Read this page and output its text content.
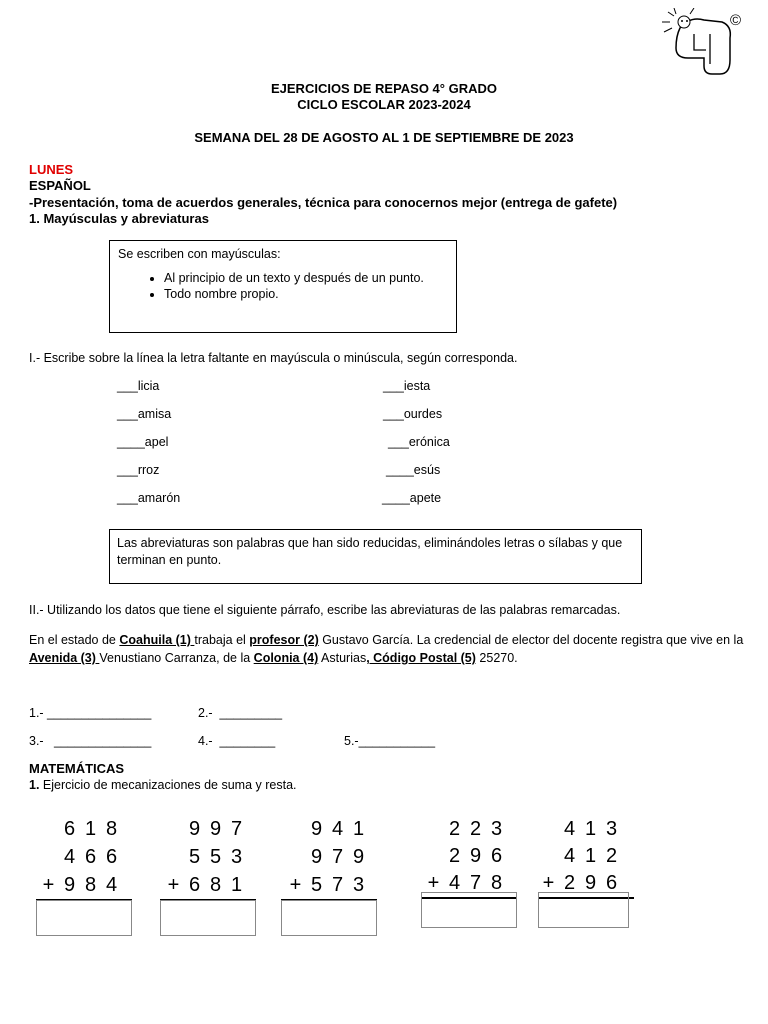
©
EJERCICIOS DE REPASO 4° GRADO
CICLO ESCOLAR 2023-2024
SEMANA DEL 28 DE AGOSTO AL 1 DE SEPTIEMBRE DE 2023
LUNES
ESPAÑOL
-Presentación, toma de acuerdos generales, técnica para conocernos mejor (entrega de gafete)
1. Mayúsculas y abreviaturas
Se escriben con mayúsculas:
• Al principio de un texto y después de un punto.
• Todo nombre propio.
I.- Escribe sobre la línea la letra faltante en mayúscula o minúscula, según corresponda.
___licia
___amisa
____apel
___rroz
___amarón
___iesta
___ourdes
___erónica
____esús
____apete
Las abreviaturas son palabras que han sido reducidas, eliminándoles letras o sílabas y que terminan en punto.
II.- Utilizando los datos que tiene el siguiente párrafo, escribe las abreviaturas de las palabras remarcadas.
En el estado de Coahuila (1) trabaja el profesor (2) Gustavo García. La credencial de elector del docente registra que vive en la Avenida (3) Venustiano Carranza, de la Colonia (4) Asturias, Código Postal (5) 25270.
1.- _______________	2.-  _________
3.-   ______________	4.-  ________	5.-___________
MATEMÁTICAS
1. Ejercicio de mecanizaciones de suma y resta.
6 1 8
4 6 6
+ 9 8 4
9 9 7
5 5 3
+ 6 8 1
9 4 1
9 7 9
+ 5 7 3
2 2 3
2 9 6
+ 4 7 8
4 1 3
4 1 2
+ 2 9 6
